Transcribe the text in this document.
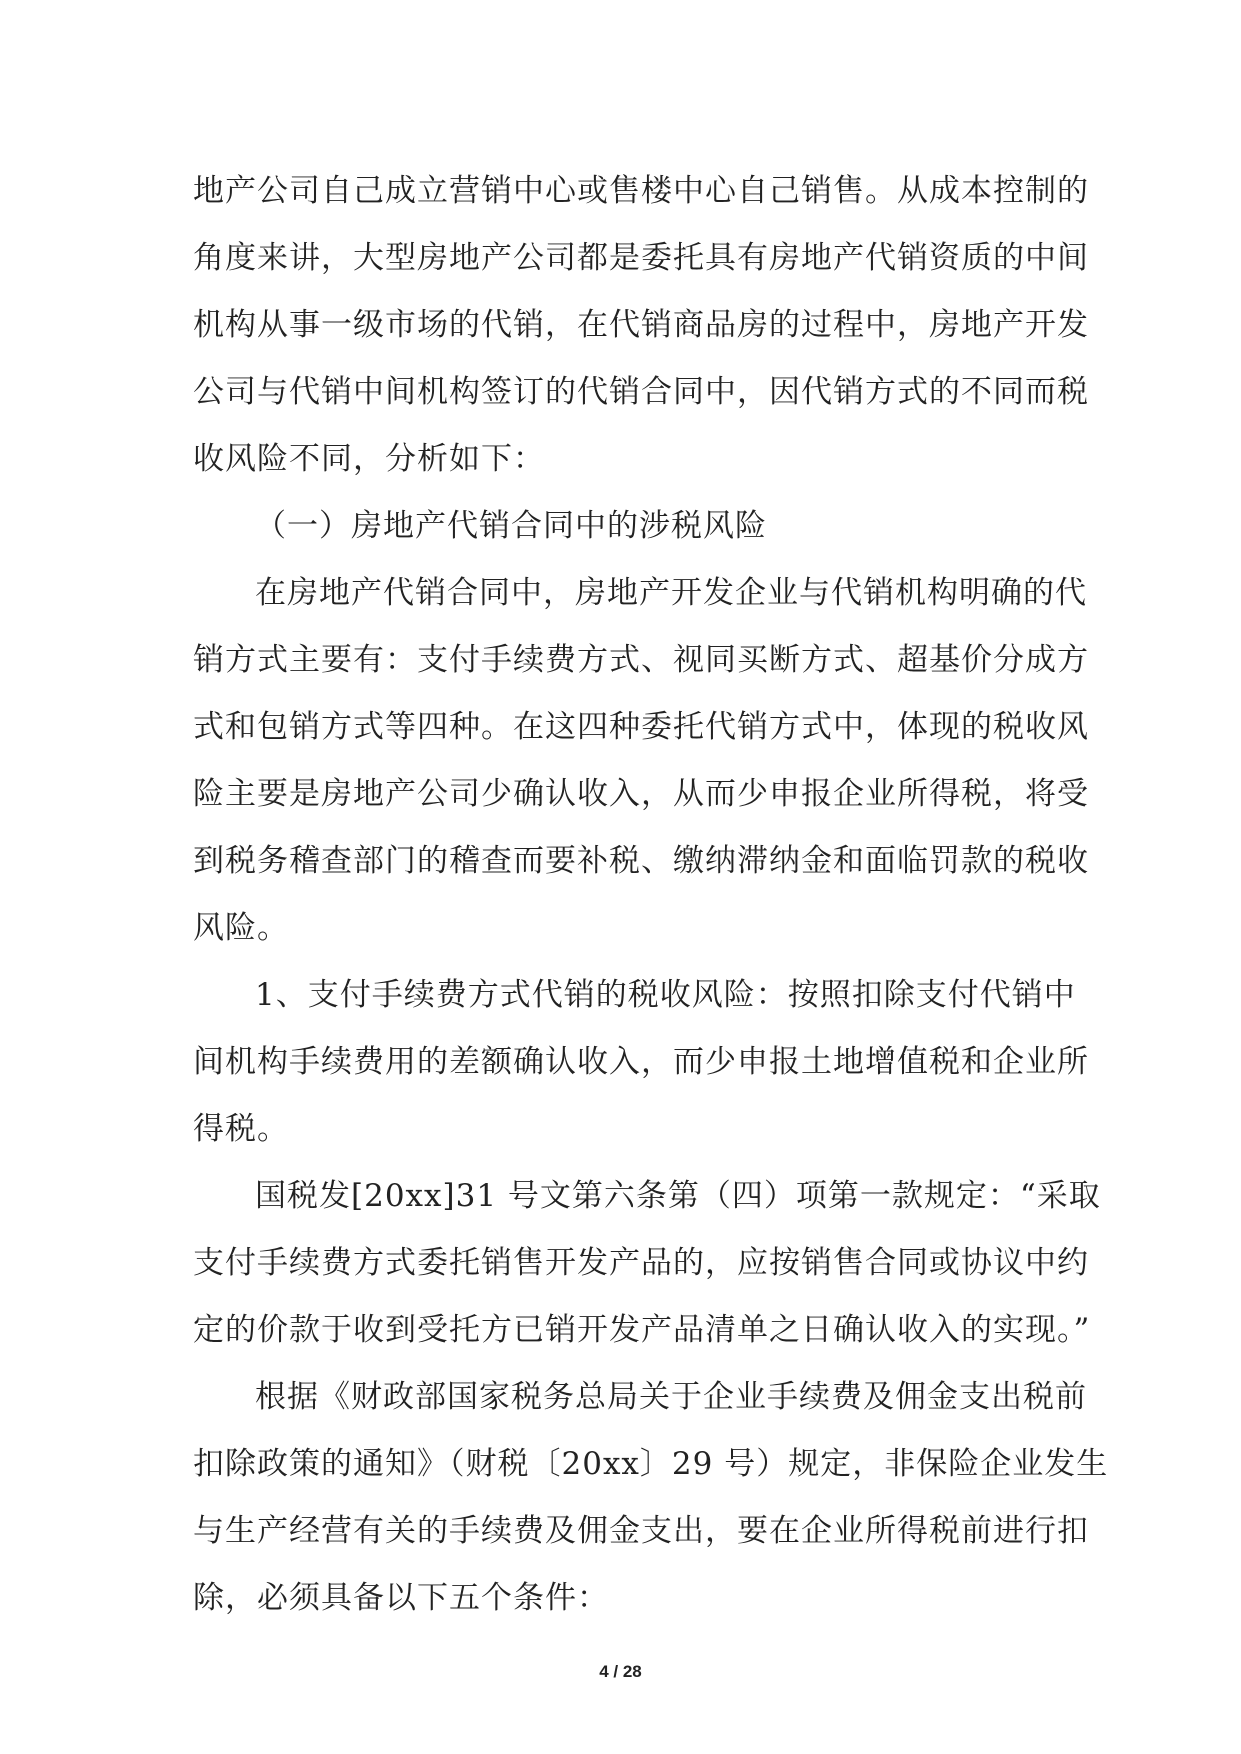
地产公司自己成立营销中心或售楼中心自己销售。从成本控制的
角度来讲，大型房地产公司都是委托具有房地产代销资质的中间
机构从事一级市场的代销，在代销商品房的过程中，房地产开发
公司与代销中间机构签订的代销合同中，因代销方式的不同而税
收风险不同，分析如下：
（一）房地产代销合同中的涉税风险
在房地产代销合同中，房地产开发企业与代销机构明确的代
销方式主要有：支付手续费方式、视同买断方式、超基价分成方
式和包销方式等四种。在这四种委托代销方式中，体现的税收风
险主要是房地产公司少确认收入，从而少申报企业所得税，将受
到税务稽查部门的稽查而要补税、缴纳滞纳金和面临罚款的税收
风险。
1、支付手续费方式代销的税收风险：按照扣除支付代销中
间机构手续费用的差额确认收入，而少申报土地增值税和企业所
得税。
国税发[20xx]31 号文第六条第（四）项第一款规定：“采取
支付手续费方式委托销售开发产品的，应按销售合同或协议中约
定的价款于收到受托方已销开发产品清单之日确认收入的实现。”
根据《财政部国家税务总局关于企业手续费及佣金支出税前
扣除政策的通知》（财税〔20xx〕29 号）规定，非保险企业发生
与生产经营有关的手续费及佣金支出，要在企业所得税前进行扣
除，必须具备以下五个条件：
4 / 28
